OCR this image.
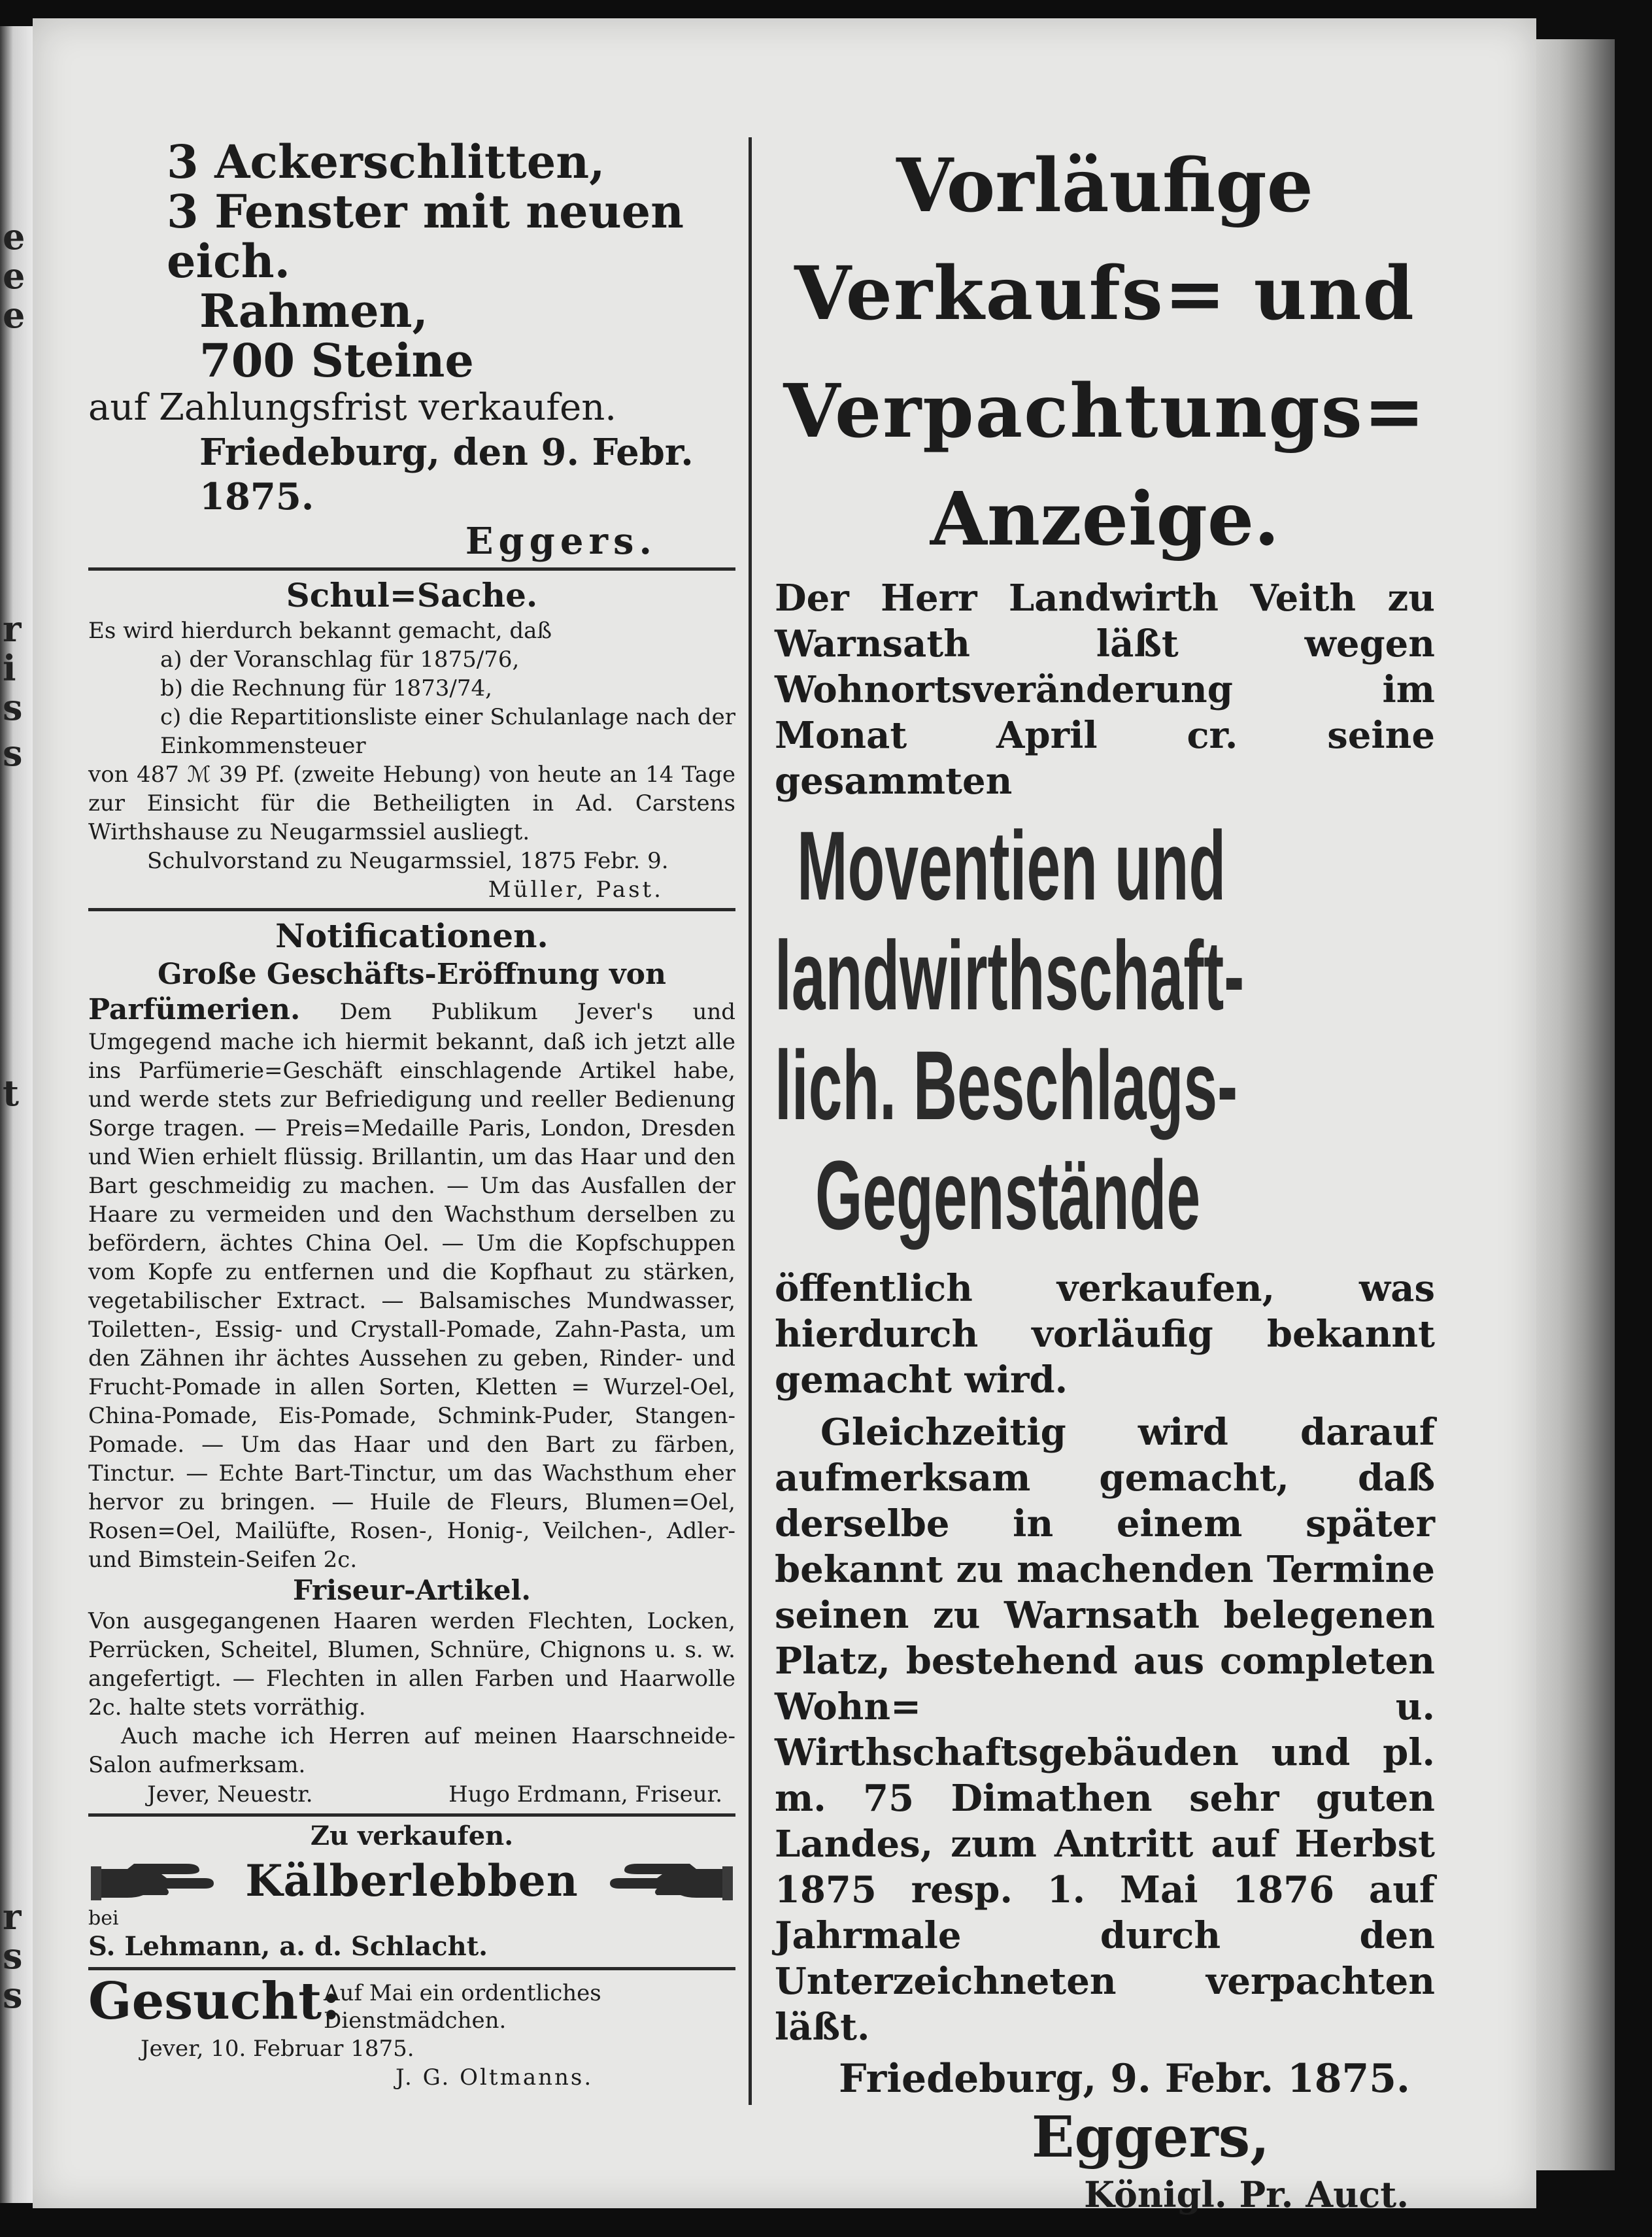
e
e
e
r
i
s
s
t
r
s
s
3 Ackerschlitten,
3 Fenster mit neuen eich.
Rahmen,
700 Steine
auf Zahlungsfrist verkaufen.
Friedeburg, den 9. Febr. 1875.
Eggers.
Schul=Sache.

Es wird hierdurch bekannt gemacht, daß

a) der Voranschlag für 1875/76,

b) die Rechnung für 1873/74,

c) die Repartitionsliste einer Schulanlage nach der Einkommensteuer

von 487 ℳ 39 Pf. (zweite Hebung) von heute an 14 Tage zur Einsicht für die Betheiligten in Ad. Carstens Wirthshause zu Neugarmssiel ausliegt.

Schulvorstand zu Neugarmssiel, 1875 Febr. 9.

Müller, Past.

Notificationen.
Große Geschäfts-Eröffnung von

Parfümerien. Dem Publikum Jever's und Umgegend mache ich hiermit bekannt, daß ich jetzt alle ins Parfümerie=Geschäft einschlagende Artikel habe, und werde stets zur Befriedigung und reeller Bedienung Sorge tragen. — Preis=Medaille Paris, London, Dresden und Wien erhielt flüssig. Brillantin, um das Haar und den Bart geschmeidig zu machen. — Um das Ausfallen der Haare zu vermeiden und den Wachsthum derselben zu befördern, ächtes China Oel. — Um die Kopfschuppen vom Kopfe zu entfernen und die Kopfhaut zu stärken, vegetabilischer Extract. — Balsamisches Mundwasser, Toiletten-, Essig- und Crystall-Pomade, Zahn-Pasta, um den Zähnen ihr ächtes Aussehen zu geben, Rinder- und Frucht-Pomade in allen Sorten, Kletten = Wurzel-Oel, China-Pomade, Eis-Pomade, Schmink-Puder, Stangen-Pomade. — Um das Haar und den Bart zu färben, Tinctur. — Echte Bart-Tinctur, um das Wachsthum eher hervor zu bringen. — Huile de Fleurs, Blumen=Oel, Rosen=Oel, Mailüfte, Rosen-, Honig-, Veilchen-, Adler- und Bimstein-Seifen 2c.

Friseur-Artikel.

Von ausgegangenen Haaren werden Flechten, Locken, Perrücken, Scheitel, Blumen, Schnüre, Chignons u. s. w. angefertigt. — Flechten in allen Farben und Haarwolle 2c. halte stets vorräthig.

Auch mache ich Herren auf meinen Haarschneide-Salon aufmerksam.

Jever, Neuestr.	Hugo Erdmann, Friseur.
Zu verkaufen.
Kälberlebben
bei
S. Lehmann, a. d. Schlacht.
Gesucht:
Auf Mai ein ordentliches Dienstmädchen.
Jever, 10. Februar 1875.
J. G. Oltmanns.
Vorläufige
Verkaufs= und
Verpachtungs=
Anzeige.

Der Herr Landwirth Veith zu Warnsath läßt wegen Wohnortsveränderung im Monat April cr. seine gesammten

Moventien und
landwirthschaft-
lich. Beschlags-
Gegenstände

öffentlich verkaufen, was hierdurch vorläufig bekannt gemacht wird.

Gleichzeitig wird darauf aufmerksam gemacht, daß derselbe in einem später bekannt zu machenden Termine seinen zu Warnsath belegenen Platz, bestehend aus completen Wohn= u. Wirthschaftsgebäuden und pl. m. 75 Dimathen sehr guten Landes, zum Antritt auf Herbst 1875 resp. 1. Mai 1876 auf Jahrmale durch den Unterzeichneten verpachten läßt.

Friedeburg, 9. Febr. 1875.
Eggers,
Königl. Pr. Auct.
